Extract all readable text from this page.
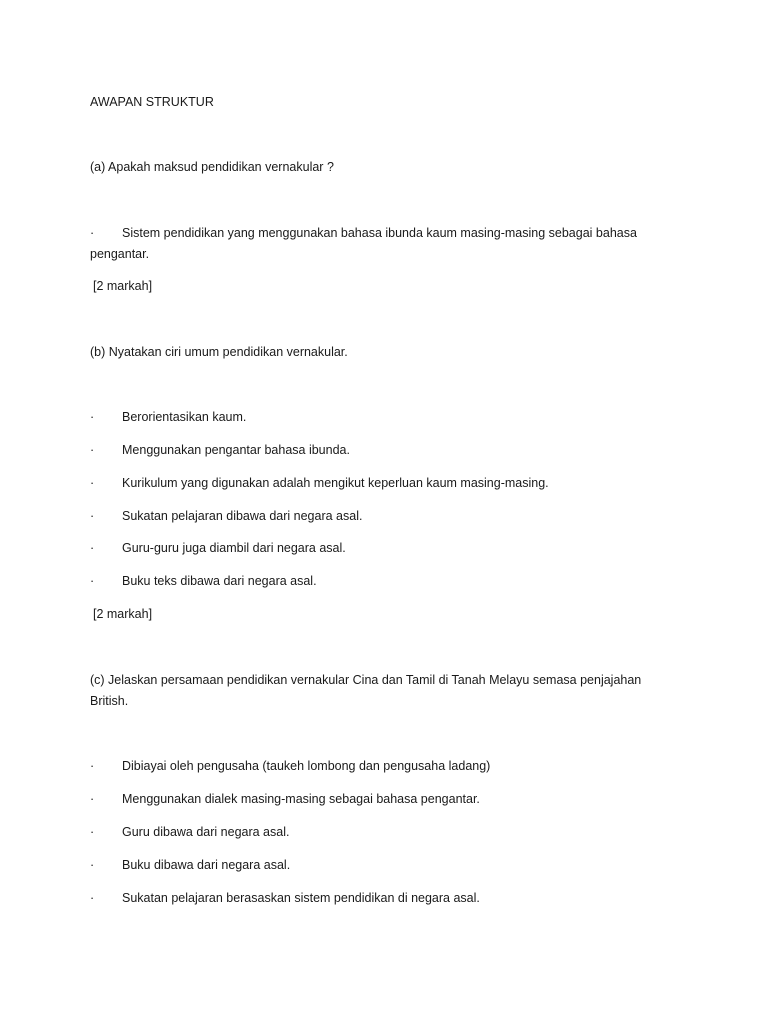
AWAPAN STRUKTUR
(a) Apakah maksud pendidikan vernakular ?
· Sistem pendidikan yang menggunakan bahasa ibunda kaum masing-masing sebagai bahasa
pengantar.
[2 markah]
(b) Nyatakan ciri umum pendidikan vernakular.
· Berorientasikan kaum.
· Menggunakan pengantar bahasa ibunda.
· Kurikulum yang digunakan adalah mengikut keperluan kaum masing-masing.
· Sukatan pelajaran dibawa dari negara asal.
· Guru-guru juga diambil dari negara asal.
· Buku teks dibawa dari negara asal.
[2 markah]
(c) Jelaskan persamaan pendidikan vernakular Cina dan Tamil di Tanah Melayu semasa penjajahan
British.
· Dibiayai oleh pengusaha (taukeh lombong dan pengusaha ladang)
· Menggunakan dialek masing-masing sebagai bahasa pengantar.
· Guru dibawa dari negara asal.
· Buku dibawa dari negara asal.
· Sukatan pelajaran berasaskan sistem pendidikan di negara asal.
